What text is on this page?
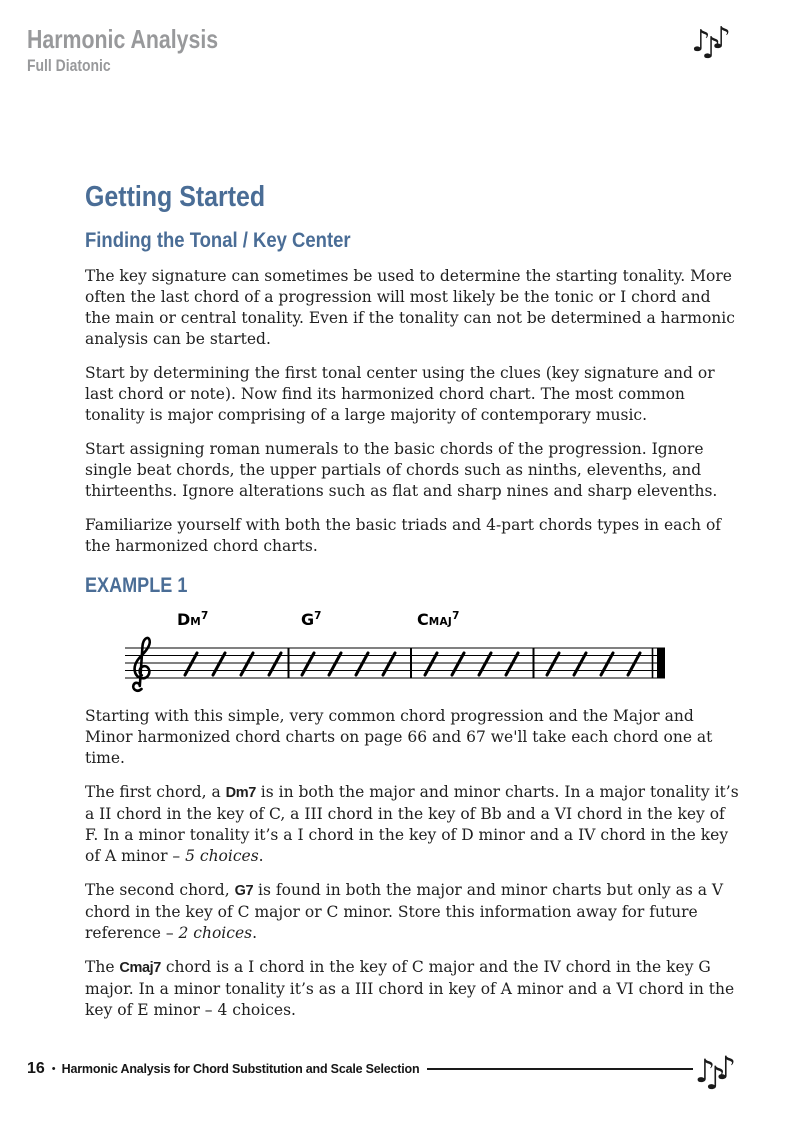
Harmonic Analysis
Full Diatonic
♪♪♪
Getting Started
Finding the Tonal / Key Center

The key signature can sometimes be used to determine the starting tonality. More often the last chord of a progression will most likely be the tonic or I chord and the main or central tonality. Even if the tonality can not be determined a harmonic analysis can be started.

Start by determining the first tonal center using the clues (key signature and or last chord or note). Now find its harmonized chord chart. The most common tonality is major comprising of a large majority of contemporary music.

Start assigning roman numerals to the basic chords of the progression. Ignore single beat chords, the upper partials of chords such as ninths, elevenths, and thirteenths. Ignore alterations such as flat and sharp nines and sharp elevenths.

Familiarize yourself with both the basic triads and 4-part chords types in each of the harmonized chord charts.

EXAMPLE 1
$DM^7$	$G^7$	CMAJ$^7$

Starting with this simple, very common chord progression and the Major and Minor harmonized chord charts on page 66 and 67 we'll take each chord one at time.

The first chord, a Dm7 is in both the major and minor charts. In a major tonality it’s a II chord in the key of C, a III chord in the key of Bb and a VI chord in the key of F. In a minor tonality it’s a I chord in the key of D minor and a IV chord in the key of A minor – 5 choices.

The second chord, G7 is found in both the major and minor charts but only as a V chord in the key of C major or C minor. Store this information away for future reference – 2 choices.

The Cmaj7 chord is a I chord in the key of C major and the IV chord in the key G major. In a minor tonality it’s as a III chord in key of A minor and a VI chord in the key of E minor – 4 choices.

16 • Harmonic Analysis for Chord Substitution and Scale Selection	♪♪♪
